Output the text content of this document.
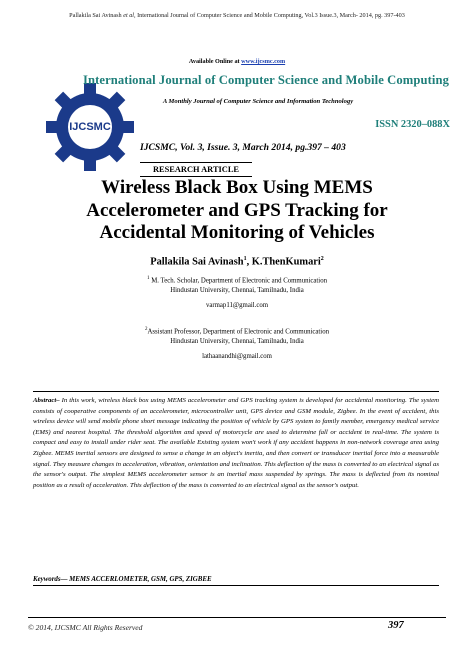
Pallakila Sai Avinash et al, International Journal of Computer Science and Mobile Computing, Vol.3 Issue.3, March- 2014, pg. 397-403
Available Online at www.ijcsmc.com
IJCSMC
International Journal of Computer Science and Mobile Computing
A Monthly Journal of Computer Science and Information Technology
ISSN 2320–088X
IJCSMC, Vol. 3, Issue. 3, March 2014, pg.397 – 403
RESEARCH ARTICLE
Wireless Black Box Using MEMS
Accelerometer and GPS Tracking for
Accidental Monitoring of Vehicles
Pallakila Sai Avinash$^1$, K.ThenKumari$^2$
$^1$ M. Tech. Scholar, Department of Electronic and Communication
Hindustan University, Chennai, Tamilnadu, India
varmap11@gmail.com
$^2$Assistant Professor, Department of Electronic and Communication
Hindustan University, Chennai, Tamilnadu, India
lathaanandhi@gmail.com

Abstract– In this work, wireless black box using MEMS accelerometer and GPS tracking system is developed for accidental monitoring. The system consists of cooperative components of an accelerometer, microcontroller unit, GPS device and GSM module, Zigbee. In the event of accident, this wireless device will send mobile phone short message indicating the position of vehicle by GPS system to family member, emergency medical service (EMS) and nearest hospital. The threshold algorithm and speed of motorcycle are used to determine fall or accident in real-time. The system is compact and easy to install under rider seat. The available Existing system won't work if any accident happens in non-network coverage area using Zigbee. MEMS inertial sensors are designed to sense a change in an object's inertia, and then convert or transducer inertial force into a measurable signal. They measure changes in acceleration, vibration, orientation and inclination. This deflection of the mass is converted to an electrical signal as the sensor's output. The simplest MEMS accelerometer sensor is an inertial mass suspended by springs. The mass is deflected from its nominal position as a result of acceleration. This deflection of the mass is converted to an electrical signal as the sensor's output.

Keywords— MEMS ACCERLOMETER, GSM, GPS, ZIGBEE
© 2014, IJCSMC All Rights Reserved	397
